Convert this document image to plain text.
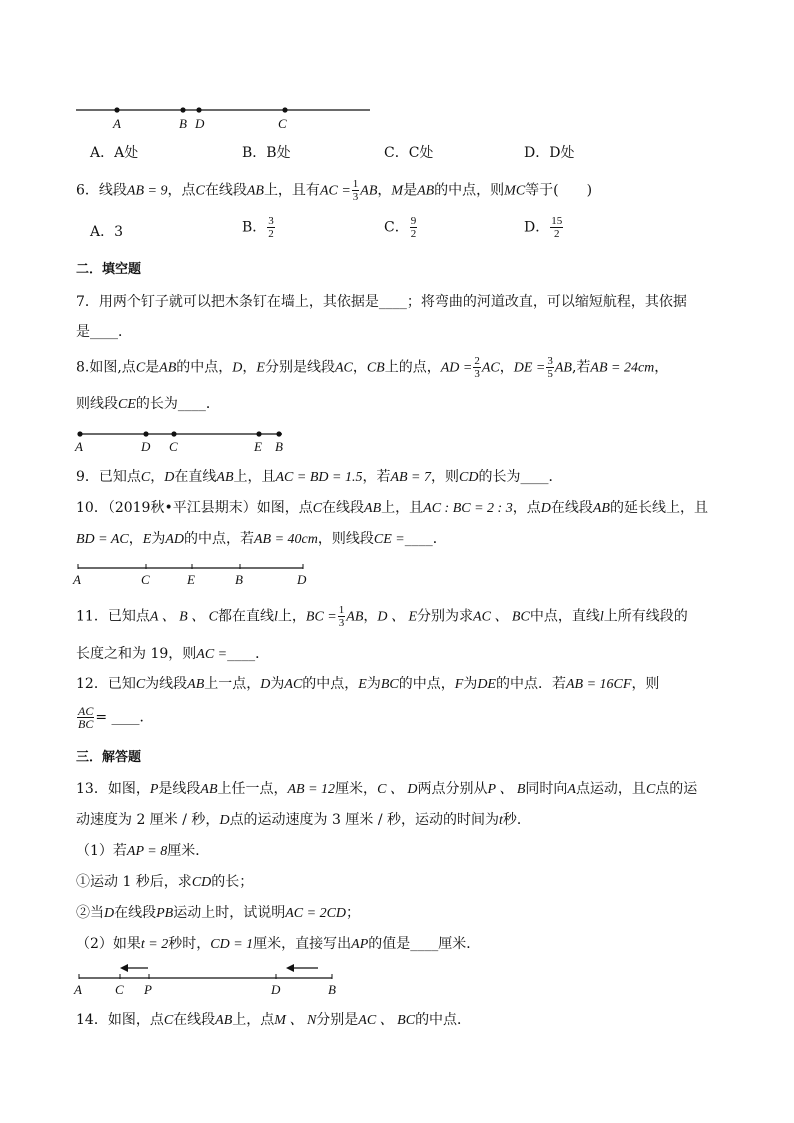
A	B D	C
A．A处	B．B处	C．C处	D．D处
6．线段AB = 9，点C在线段AB上，且有AC = $\frac{1}{3}$ AB，M是AB的中点，则MC等于(　　)
A．3	B． $\frac{3}{2}$	C． $\frac{9}{2}$	D． $\frac{15}{2}$
二．填空题
7．用两个钉子就可以把木条钉在墙上，其依据是____；将弯曲的河道改直，可以缩短航程，其依据
是____．
8.如图,点C是AB的中点，D，E分别是线段AC，CB上的点，AD = $\frac{2}{3}$ AC，DE = $\frac{3}{5}$ AB,若AB = 24cm，
则线段CE的长为____．
A	D C	E B
9．已知点C，D在直线AB上，且AC = BD = 1.5，若AB = 7，则CD的长为____．
10．（2019秋•平江县期末）如图，点C在线段AB上，且AC : BC = 2 : 3，点D在线段AB的延长线上，且
BD = AC，E为AD的中点，若AB = 40cm，则线段CE =____．
A	C	E	B	D
11．已知点A 、 B 、 C都在直线l上，BC = $\frac{1}{3}$ AB，D 、 E分别为求AC 、 BC中点，直线l上所有线段的
长度之和为 19，则AC =____．
12．已知C为线段AB上一点，D为AC的中点，E为BC的中点，F为DE的中点．若AB = 16CF，则
$\frac{AC}{BC}$ = ____．
三．解答题
13．如图，P是线段AB上任一点，AB = 12厘米，C 、 D两点分别从P 、 B同时向A点运动，且C点的运
动速度为 2 厘米 / 秒，D点的运动速度为 3 厘米 / 秒，运动的时间为t秒．
（1）若AP = 8厘米．
①运动 1 秒后，求CD的长；
②当D在线段PB运动上时，试说明AC = 2CD；
（2）如果t = 2秒时，CD = 1厘米，直接写出AP的值是____厘米．
A	C P	D	B
14．如图，点C在线段AB上，点M 、 N分别是AC 、 BC的中点．
